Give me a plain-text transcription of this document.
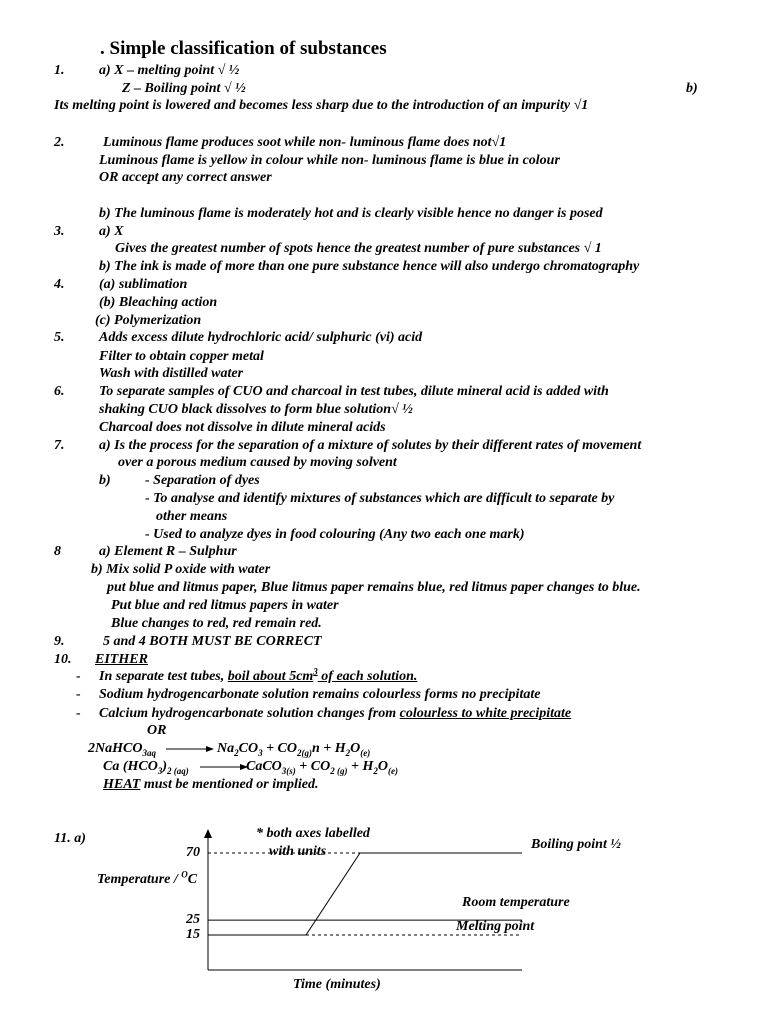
. Simple classification of substances
1. a) X – melting point √ ½
Z – Boiling point √ ½	b)
Its melting point is lowered and becomes less sharp due to the introduction of an impurity √1
2.	Luminous flame produces soot while non- luminous flame does not√1
Luminous flame is yellow in colour while non- luminous flame is blue in colour
OR accept any correct answer
b) The luminous flame is moderately hot and is clearly visible hence no danger is posed
3. a) X
Gives the greatest number of spots hence the greatest number of pure substances √ 1
b) The ink is made of more than one pure substance hence will also undergo chromatography
4. (a) sublimation
(b) Bleaching action
(c) Polymerization
5. Adds excess dilute hydrochloric acid/ sulphuric (vi) acid
Filter to obtain copper metal
Wash with distilled water
6. To separate samples of CUO and charcoal in test tubes, dilute mineral acid is added with
shaking CUO black dissolves to form blue solution√ ½
Charcoal does not dissolve in dilute mineral acids
7. a) Is the process for the separation of a mixture of solutes by their different rates of movement
over a porous medium caused by moving solvent
b) - Separation of dyes
- To analyse and identify mixtures of substances which are difficult to separate by
other means
- Used to analyze dyes in food colouring (Any two each one mark)
8	a) Element R – Sulphur
b) Mix solid P oxide with water
put blue and litmus paper, Blue litmus paper remains blue, red litmus paper changes to blue.
Put blue and red litmus papers in water
Blue changes to red, red remain red.
9.	5 and 4 BOTH MUST BE CORRECT
10. EITHER
- In separate test tubes, boil about $5cm^3$ of each solution.
- Sodium hydrogencarbonate solution remains colourless forms no precipitate
- Calcium hydrogencarbonate solution changes from colourless to white precipitate
OR
2NaHCO$_{3aq}$	$Na_2CO_3 + CO_{2(g)}n + H_2O_{(e)}$
Ca $(HCO_3)_{2 (aq)}$	CaCO$_{3(s)}$ + $CO_{2 (g)} + H_2O_{(e)}$
HEAT must be mentioned or implied.
11. a)	* both axes labelled
with units
Temperature / $^O$C
Time (minutes)
Boiling point ½
Room temperature
Melting point
70
25
15
